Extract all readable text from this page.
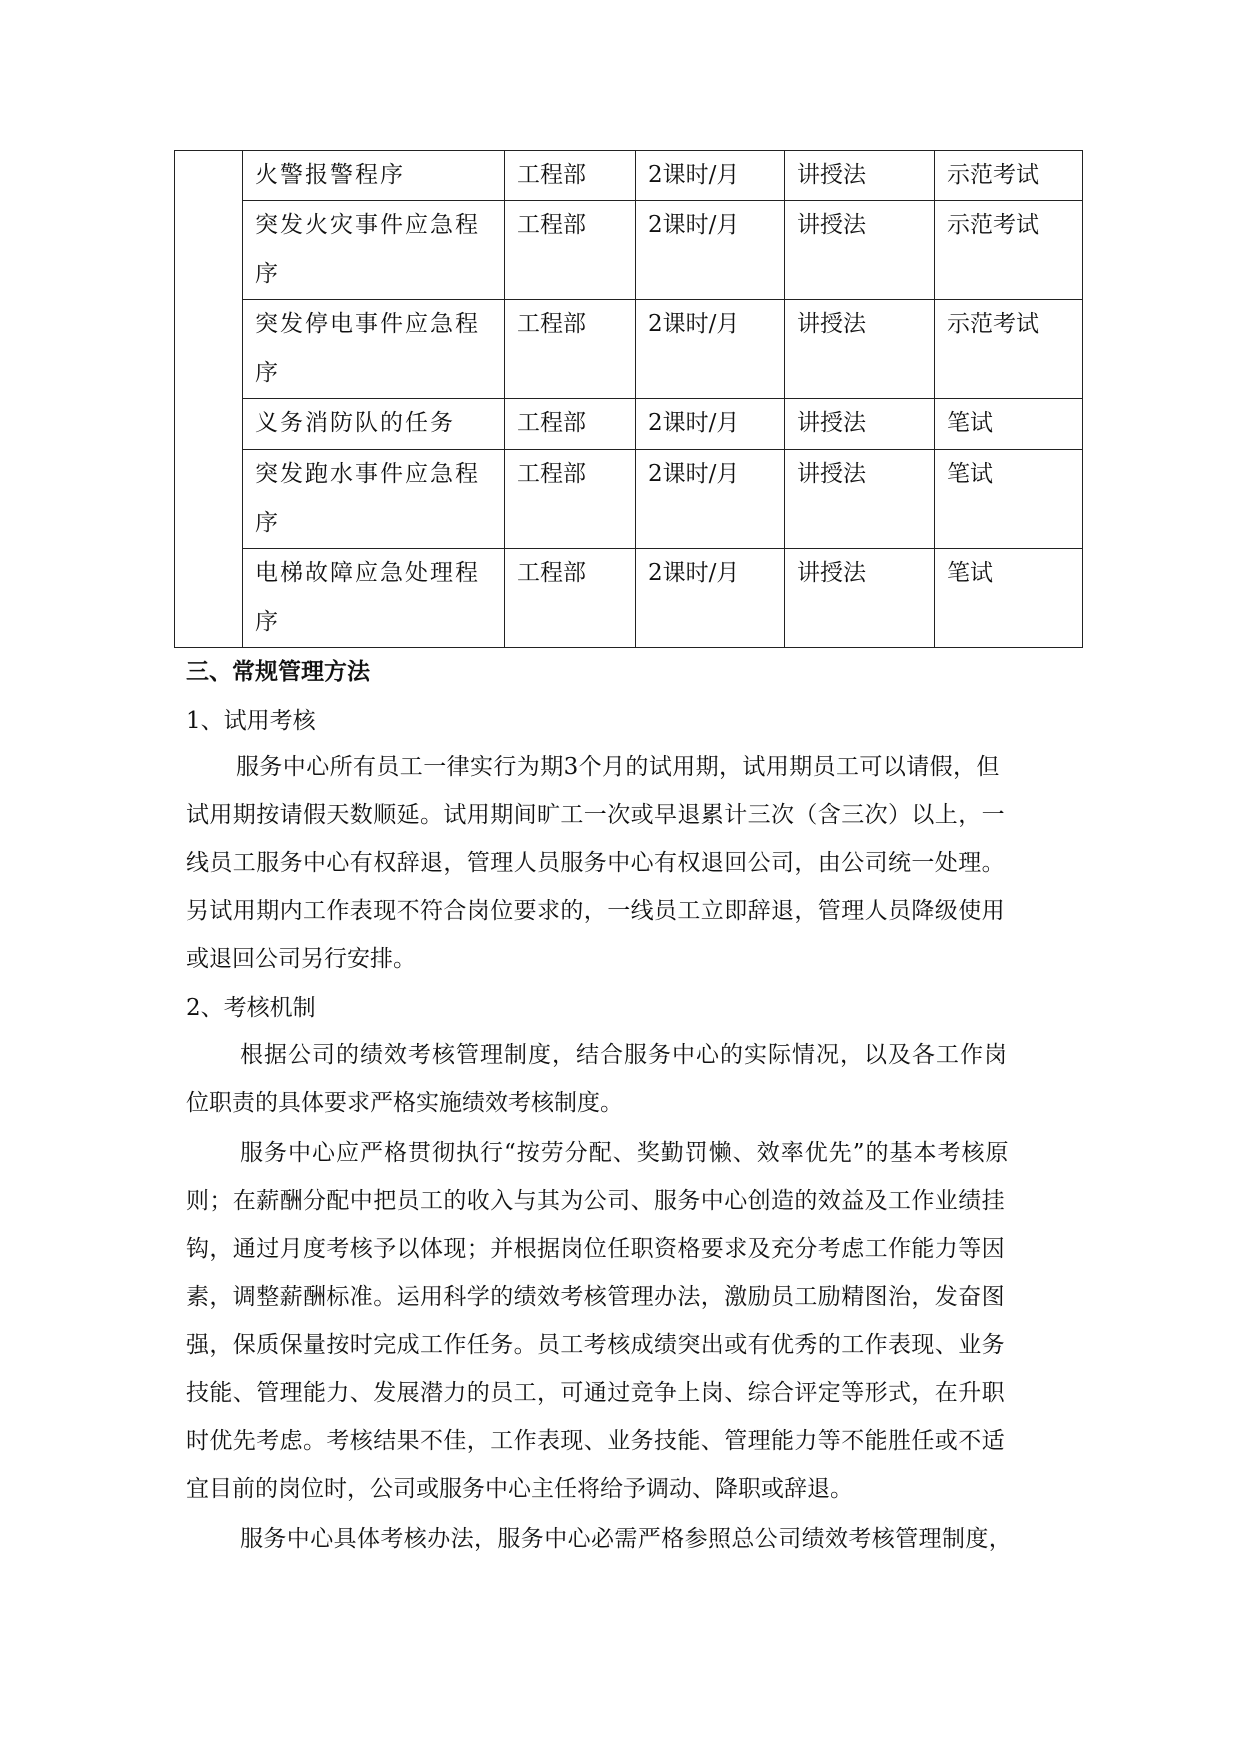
	火警报警程序	工程部	2课时/月	讲授法	示范考试
	突发火灾事件应急程序	工程部	2课时/月	讲授法	示范考试
	突发停电事件应急程序	工程部	2课时/月	讲授法	示范考试
	义务消防队的任务	工程部	2课时/月	讲授法	笔试
	突发跑水事件应急程序	工程部	2课时/月	讲授法	笔试
	电梯故障应急处理程序	工程部	2课时/月	讲授法	笔试
三、常规管理方法
1、试用考核
服务中心所有员工一律实行为期3个月的试用期，试用期员工可以请假，但
试用期按请假天数顺延。试用期间旷工一次或早退累计三次（含三次）以上，一
线员工服务中心有权辞退，管理人员服务中心有权退回公司，由公司统一处理。
另试用期内工作表现不符合岗位要求的，一线员工立即辞退，管理人员降级使用
或退回公司另行安排。
2、考核机制
根据公司的绩效考核管理制度，结合服务中心的实际情况，以及各工作岗
位职责的具体要求严格实施绩效考核制度。
服务中心应严格贯彻执行“按劳分配、奖勤罚懒、效率优先”的基本考核原
则；在薪酬分配中把员工的收入与其为公司、服务中心创造的效益及工作业绩挂
钩，通过月度考核予以体现；并根据岗位任职资格要求及充分考虑工作能力等因
素，调整薪酬标准。运用科学的绩效考核管理办法，激励员工励精图治，发奋图
强，保质保量按时完成工作任务。员工考核成绩突出或有优秀的工作表现、业务
技能、管理能力、发展潜力的员工，可通过竞争上岗、综合评定等形式，在升职
时优先考虑。考核结果不佳，工作表现、业务技能、管理能力等不能胜任或不适
宜目前的岗位时，公司或服务中心主任将给予调动、降职或辞退。
服务中心具体考核办法，服务中心必需严格参照总公司绩效考核管理制度，
